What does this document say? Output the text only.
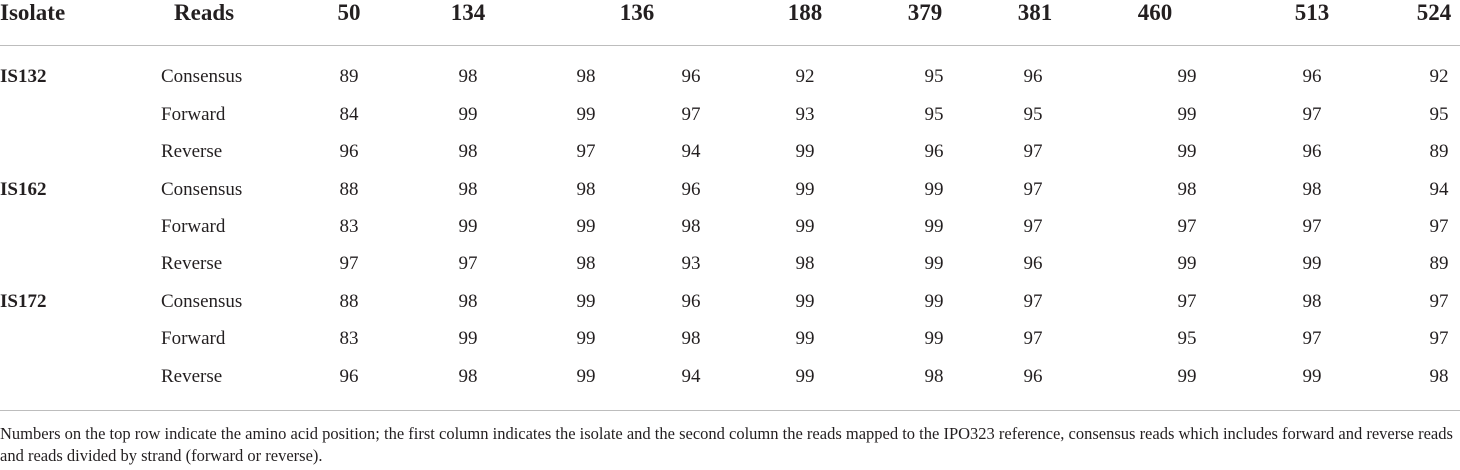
Isolate	Reads	50	134	136	188	379	381	460	513	524
IS132	Consensus	89	98	98	96	92	95	96	99	96	92
Forward	84	99	99	97	93	95	95	99	97	95
Reverse	96	98	97	94	99	96	97	99	96	89
IS162	Consensus	88	98	98	96	99	99	97	98	98	94
Forward	83	99	99	98	99	99	97	97	97	97
Reverse	97	97	98	93	98	99	96	99	99	89
IS172	Consensus	88	98	99	96	99	99	97	97	98	97
Forward	83	99	99	98	99	99	97	95	97	97
Reverse	96	98	99	94	99	98	96	99	99	98
Numbers on the top row indicate the amino acid position; the first column indicates the isolate and the second column the reads mapped to the IPO323 reference, consensus reads which includes forward and reverse reads and reads divided by strand (forward or reverse).
